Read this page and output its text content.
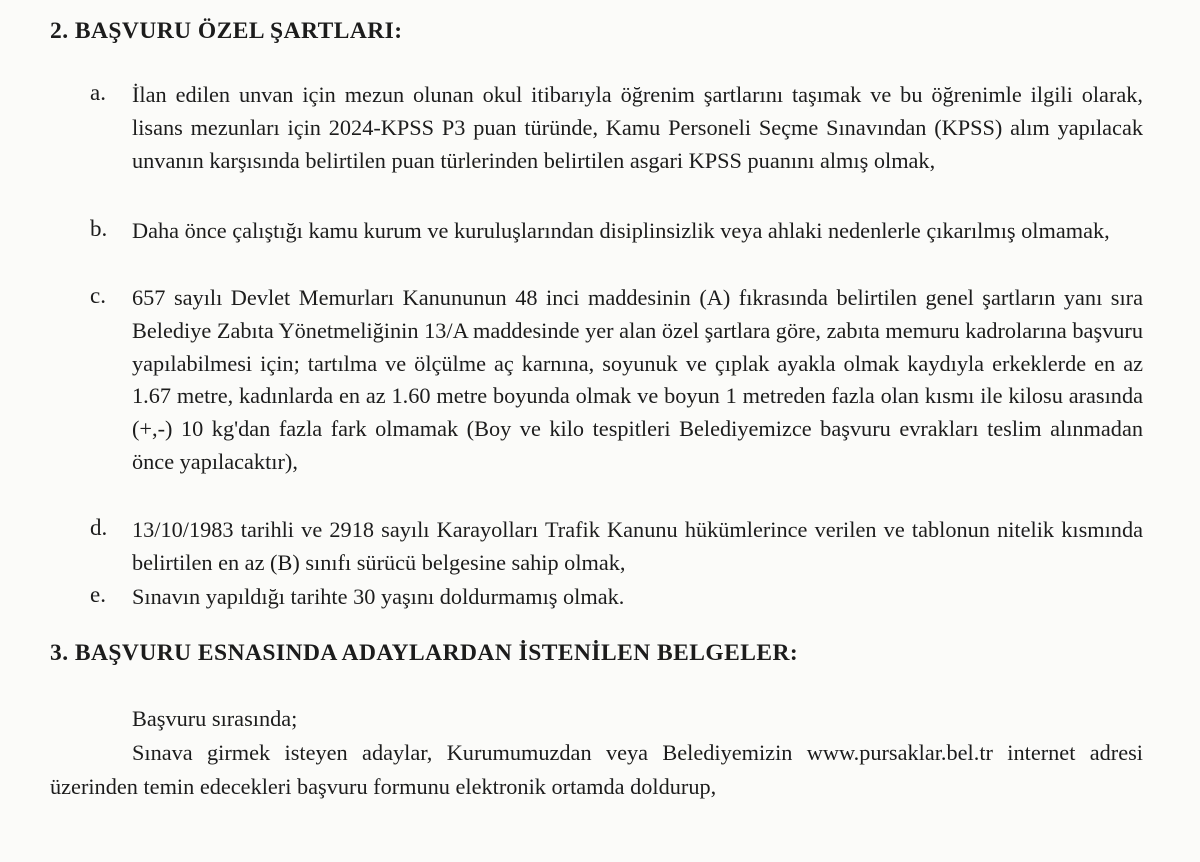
2. BAŞVURU ÖZEL ŞARTLARI:
a. İlan edilen unvan için mezun olunan okul itibarıyla öğrenim şartlarını taşımak ve bu öğrenimle ilgili olarak, lisans mezunları için 2024-KPSS P3 puan türünde, Kamu Personeli Seçme Sınavından (KPSS) alım yapılacak unvanın karşısında belirtilen puan türlerinden belirtilen asgari KPSS puanını almış olmak,
b. Daha önce çalıştığı kamu kurum ve kuruluşlarından disiplinsizlik veya ahlaki nedenlerle çıkarılmış olmamak,
c. 657 sayılı Devlet Memurları Kanununun 48 inci maddesinin (A) fıkrasında belirtilen genel şartların yanı sıra Belediye Zabıta Yönetmeliğinin 13/A maddesinde yer alan özel şartlara göre, zabıta memuru kadrolarına başvuru yapılabilmesi için; tartılma ve ölçülme aç karnına, soyunuk ve çıplak ayakla olmak kaydıyla erkeklerde en az 1.67 metre, kadınlarda en az 1.60 metre boyunda olmak ve boyun 1 metreden fazla olan kısmı ile kilosu arasında (+,-) 10 kg'dan fazla fark olmamak (Boy ve kilo tespitleri Belediyemizce başvuru evrakları teslim alınmadan önce yapılacaktır),
d. 13/10/1983 tarihli ve 2918 sayılı Karayolları Trafik Kanunu hükümlerince verilen ve tablonun nitelik kısmında belirtilen en az (B) sınıfı sürücü belgesine sahip olmak,
e. Sınavın yapıldığı tarihte 30 yaşını doldurmamış olmak.
3. BAŞVURU ESNASINDA ADAYLARDAN İSTENİLEN BELGELER:
Başvuru sırasında;
Sınava girmek isteyen adaylar, Kurumumuzdan veya Belediyemizin www.pursaklar.bel.tr internet adresi üzerinden temin edecekleri başvuru formunu elektronik ortamda doldurup,
